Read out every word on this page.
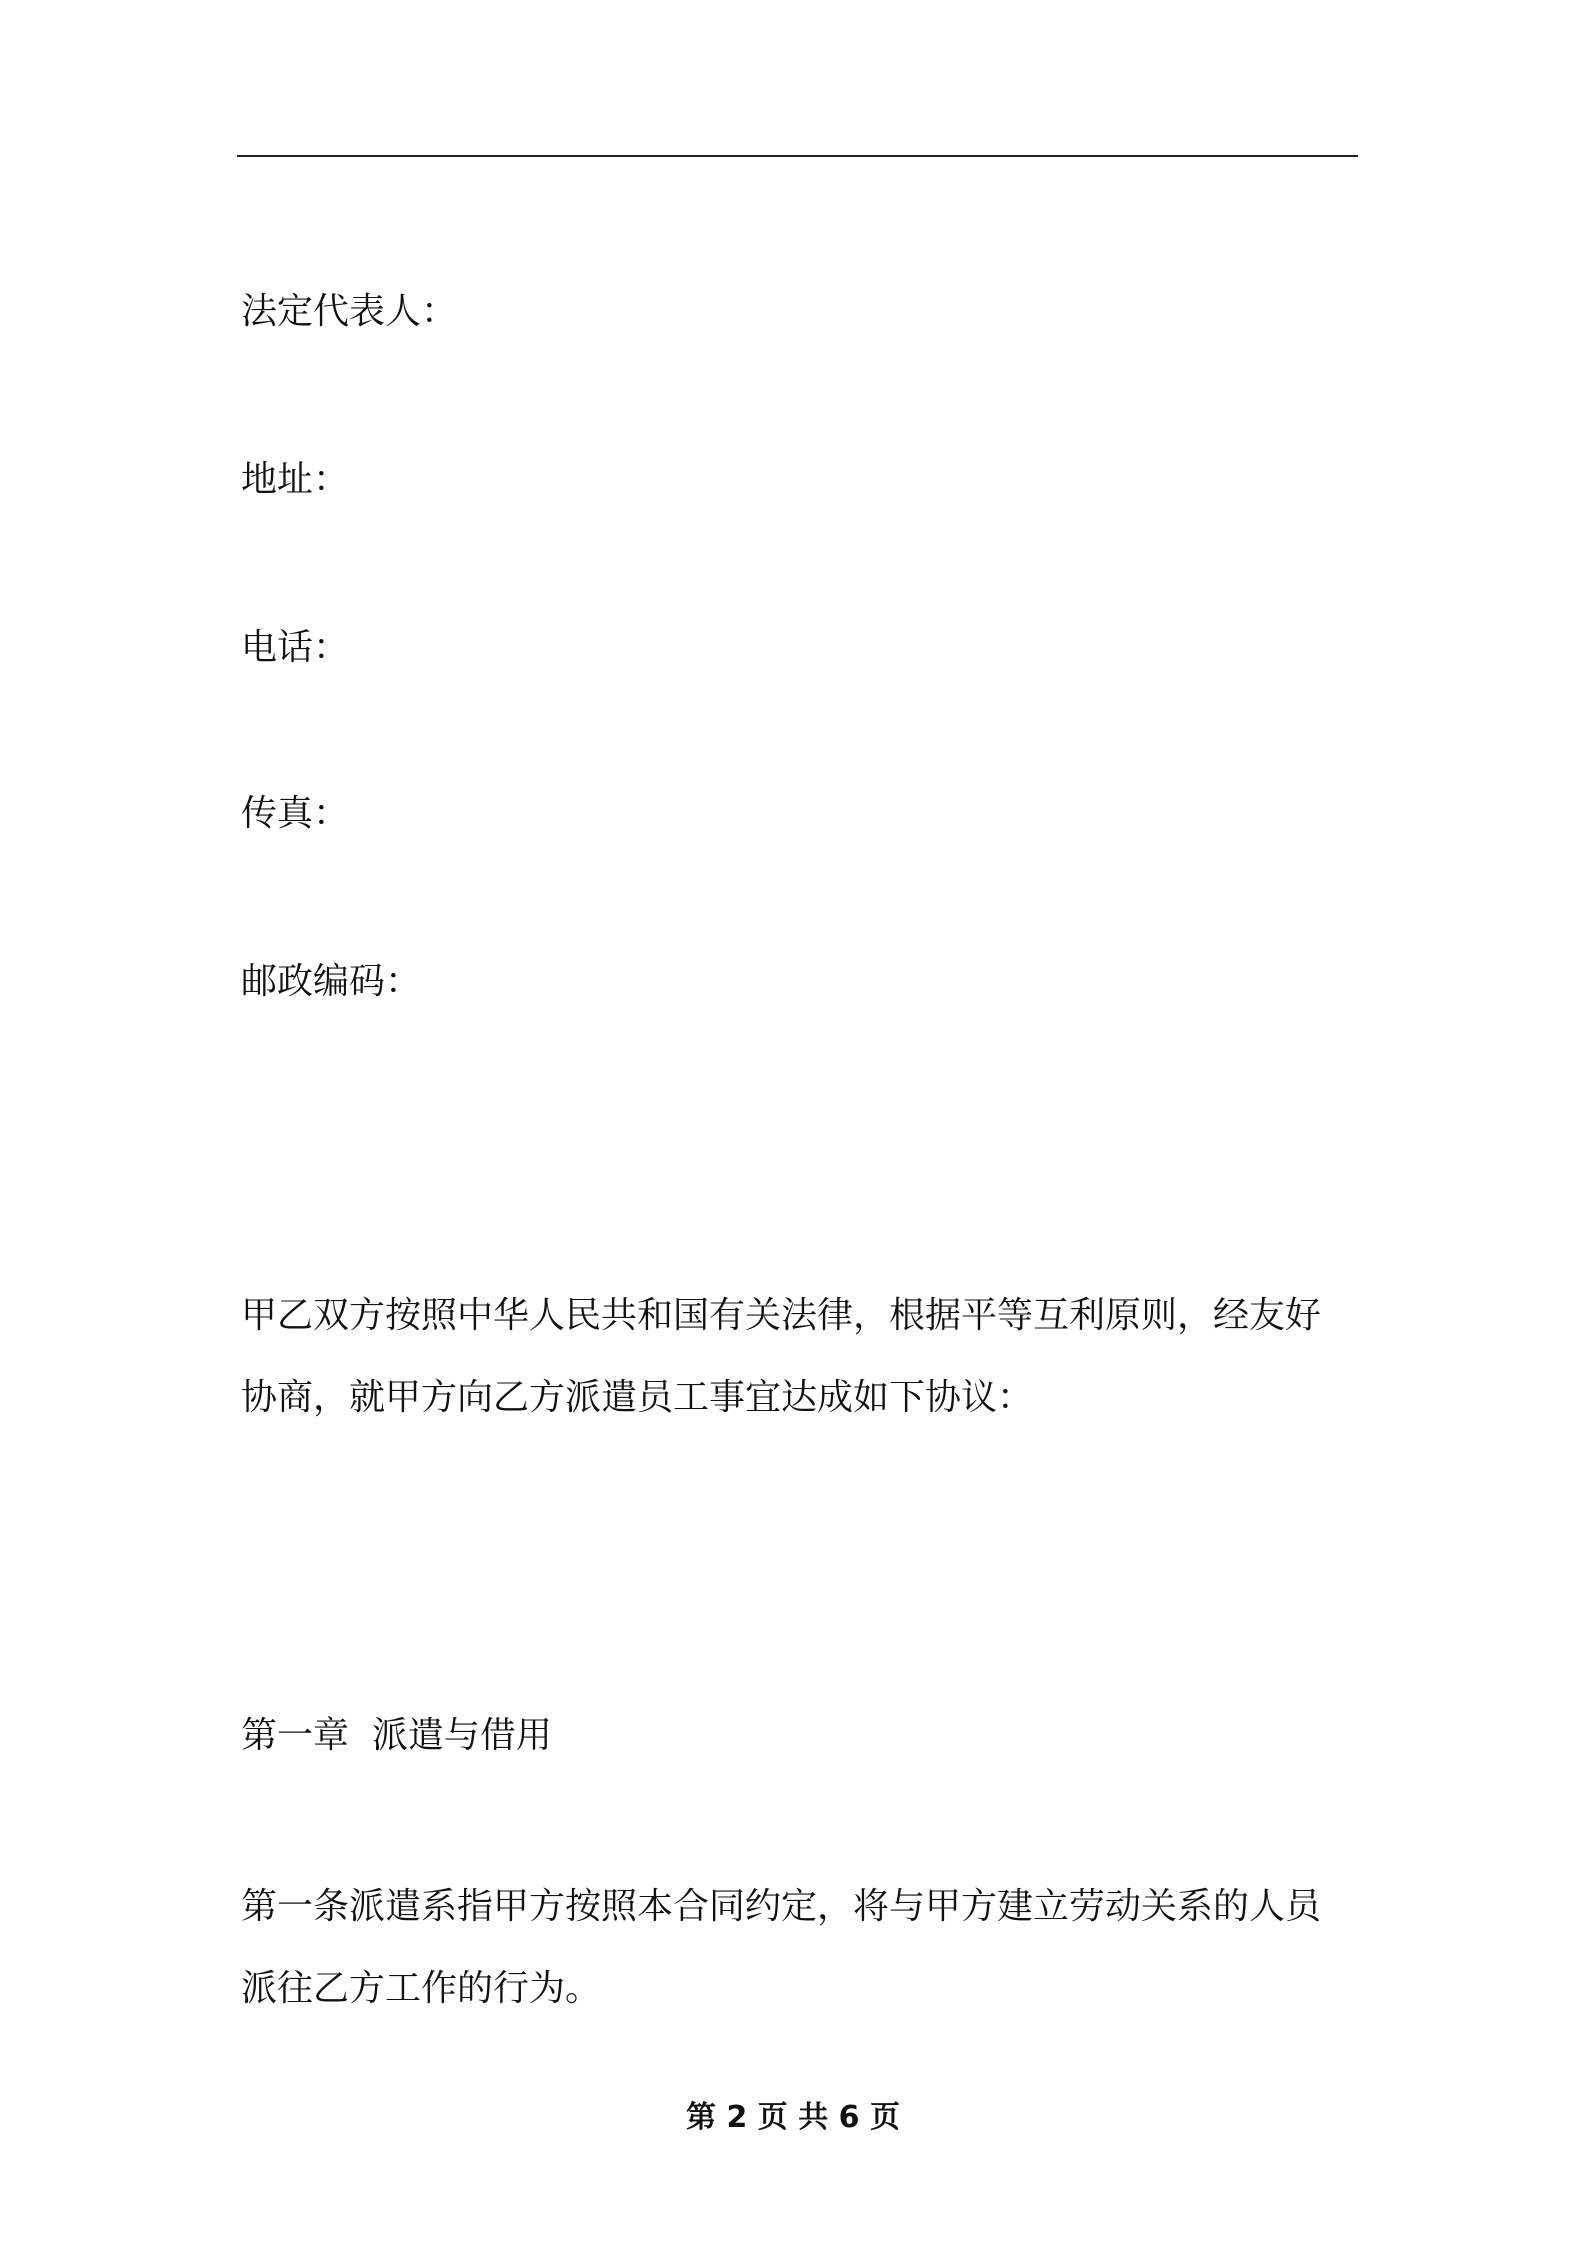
法定代表人：
地址：
电话：
传真：
邮政编码：
甲乙双方按照中华人民共和国有关法律，根据平等互利原则，经友好
协商，就甲方向乙方派遣员工事宜达成如下协议：
第一章  派遣与借用
第一条派遣系指甲方按照本合同约定，将与甲方建立劳动关系的人员
派往乙方工作的行为。
第 2 页 共 6 页
